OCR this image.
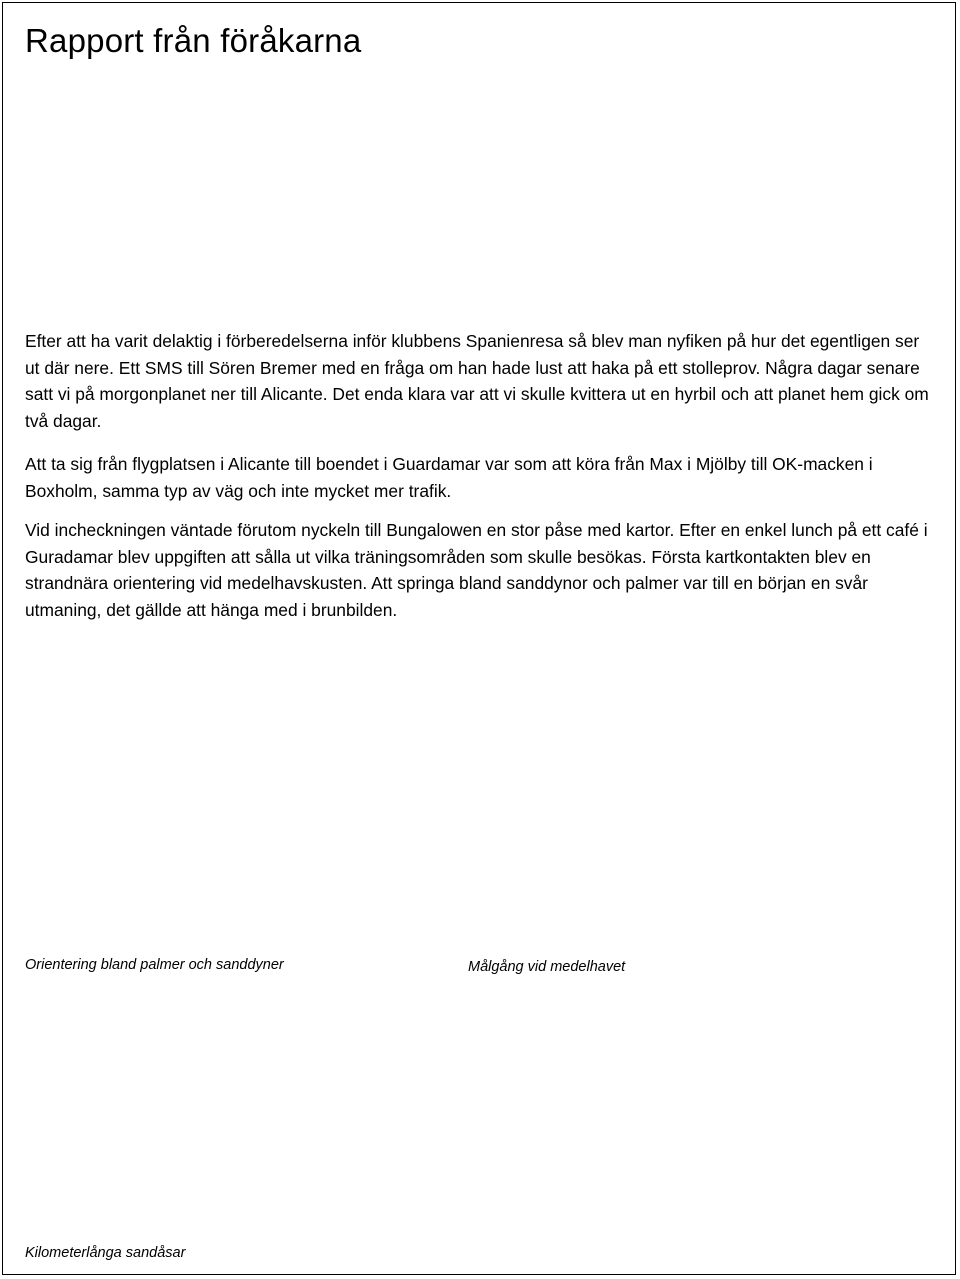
Rapport från föråkarna

Efter att ha varit delaktig i förberedelserna inför klubbens Spanienresa så blev man nyfiken på hur det egentligen ser ut där nere. Ett SMS till Sören Bremer med en fråga om han hade lust att haka på ett stolleprov. Några dagar senare satt vi på morgonplanet ner till Alicante. Det enda klara var att vi skulle kvittera ut en hyrbil och att planet hem gick om två dagar.

Att ta sig från flygplatsen i Alicante till boendet i Guardamar var som att köra från Max i Mjölby till OK-macken i Boxholm, samma typ av väg och inte mycket mer trafik.

Vid incheckningen väntade förutom nyckeln till Bungalowen en stor påse med kartor. Efter en enkel lunch på ett café i Guradamar blev uppgiften att sålla ut vilka träningsområden som skulle besökas. Första kartkontakten blev en strandnära orientering vid medelhavskusten. Att springa bland sanddynor och palmer var till en början en svår utmaning, det gällde att hänga med i brunbilden.

Orientering bland palmer och sanddyner	Målgång vid medelhavet

Kilometerlånga sandåsar
